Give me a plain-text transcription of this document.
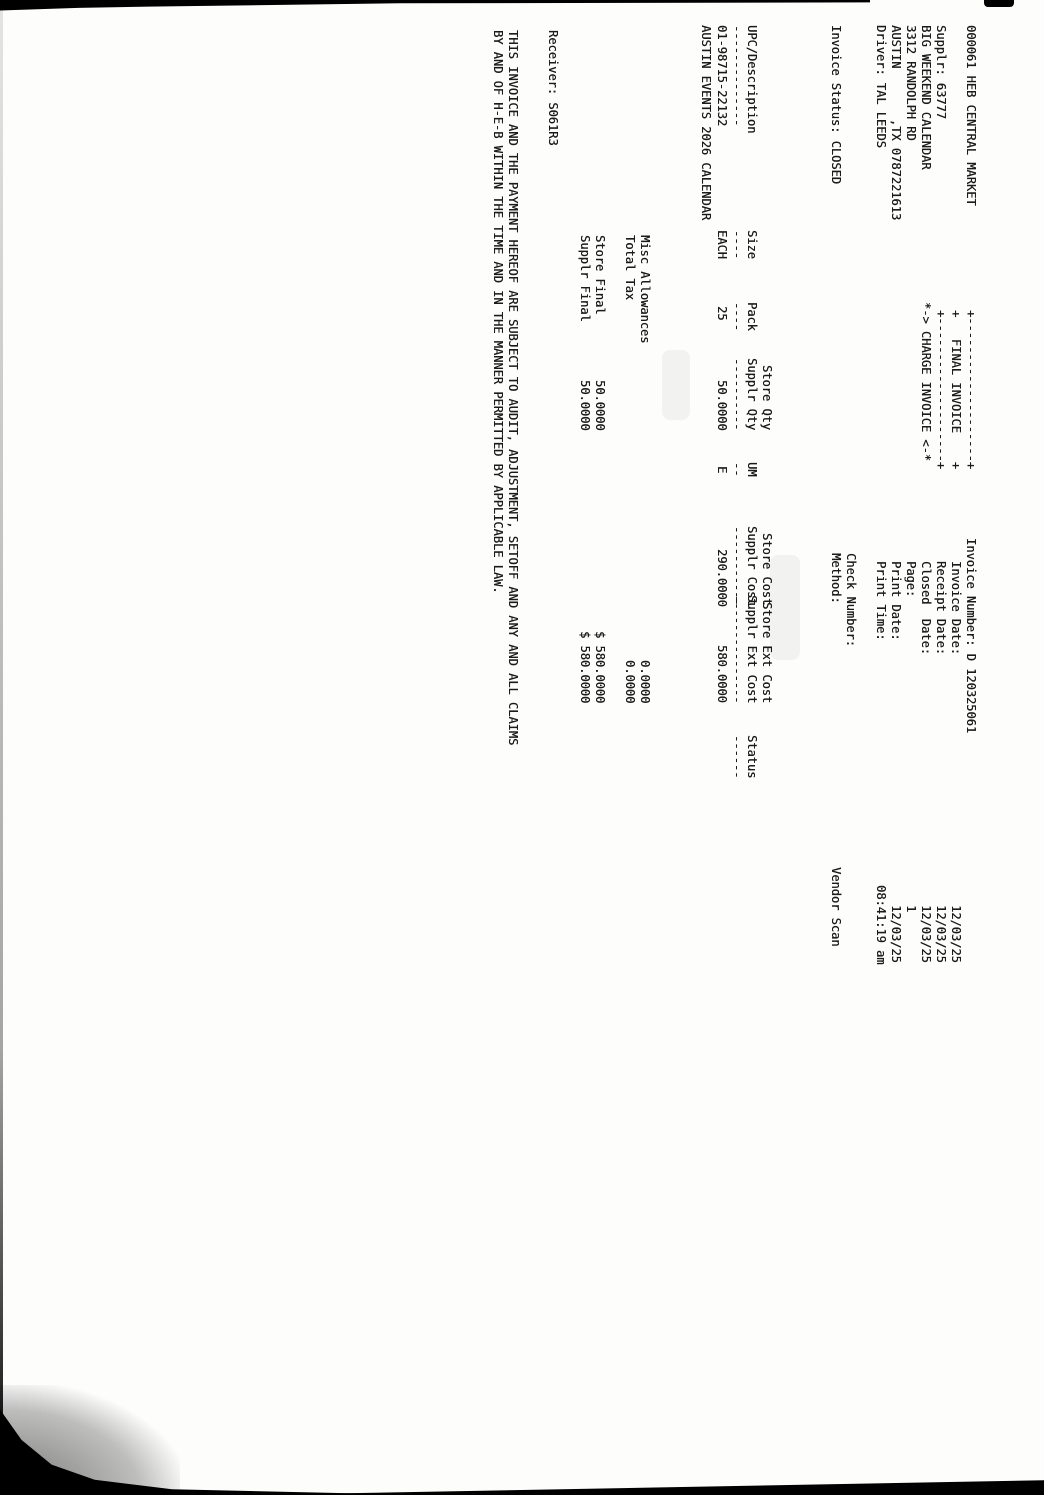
000061 HEB CENTRAL MARKET
Supplr: 63777
BIG WEEKEND CALENDAR
3312 RANDOLPH RD
AUSTIN       ,TX 0787221613
Driver: TAL LEEDS
Invoice Status: CLOSED
+--------------------+
+   FINAL INVOICE    +
+--------------------+
*-> CHARGE INVOICE <-*
Invoice Number: D 120325061
Invoice Date:
12/03/25
Receipt Date:
12/03/25
Closed  Date:
12/03/25
Page:
1
Print Date:
12/03/25
Print Time:
08:41:19 am
Check Number:
Method:
Vendor Scan
Store Qty
Store Cost
Store Ext Cost
UPC/Description
Size
Pack
Supplr Qty
UM
Supplr Cost
Supplr Ext Cost
Status
--------------
----
----
----------
--
-----------
---------------
------
01-98715-22132
EACH
25
50.0000
E
290.0000
580.0000
AUSTIN EVENTS 2026 CALENDAR
Misc Allowances
0.0000
Total Tax
0.0000
Store Final
50.0000
$ 580.0000
Supplr Final
50.0000
$ 580.0000
Receiver: S061R3
THIS INVOICE AND THE PAYMENT HEREOF ARE SUBJECT TO AUDIT, ADJUSTMENT, SETOFF AND ANY AND ALL CLAIMS
BY AND OF H-E-B WITHIN THE TIME AND IN THE MANNER PERMITTED BY APPLICABLE LAW.
